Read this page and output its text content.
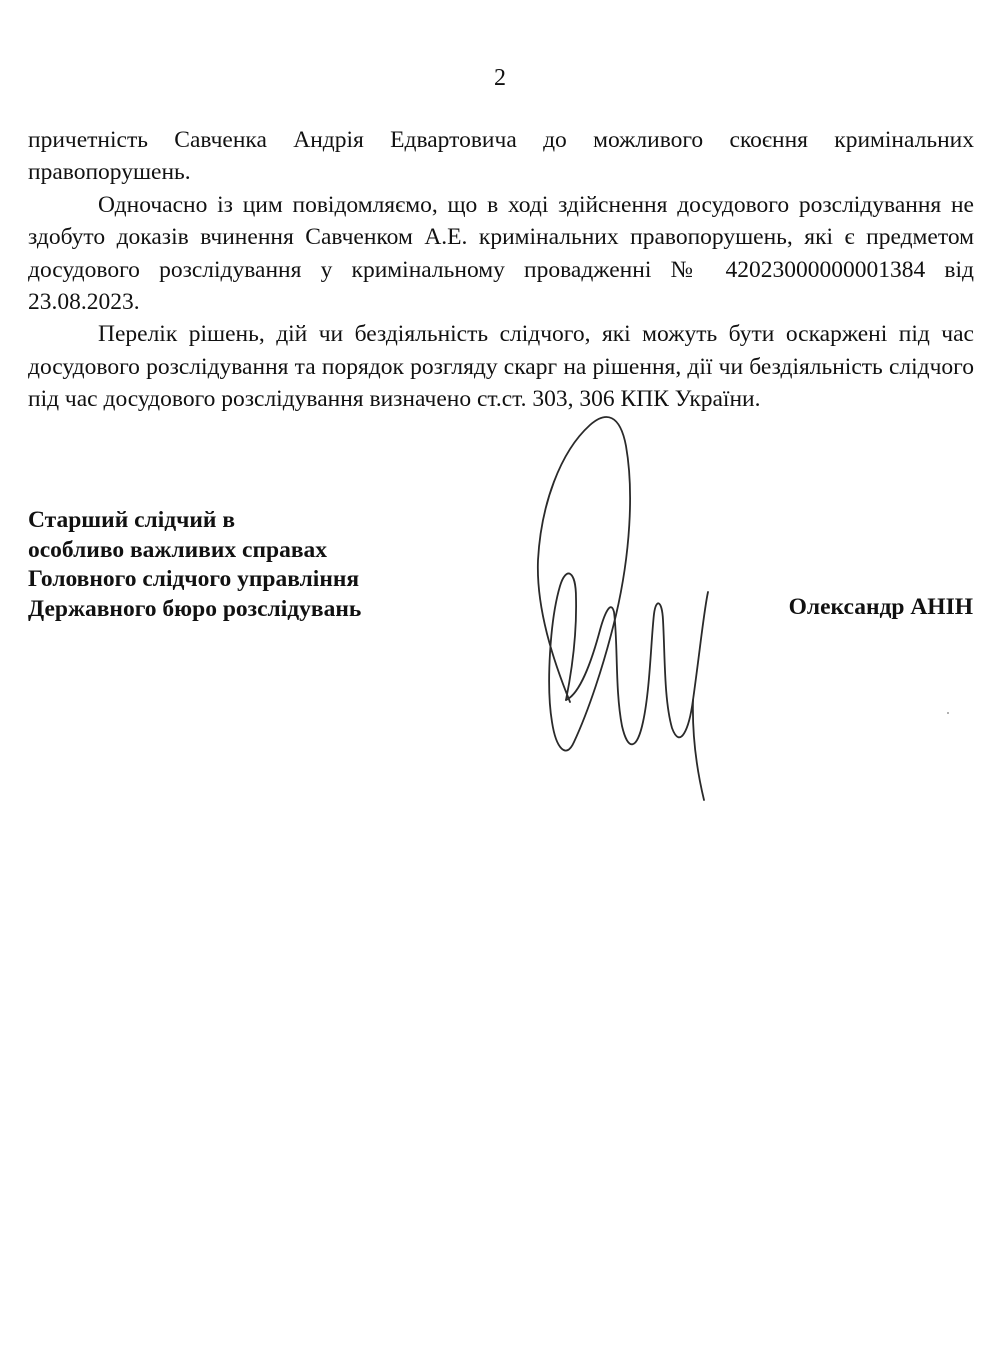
2

причетність Савченка Андрія Едвартовича до можливого скоєння кримінальних правопорушень.

Одночасно із цим повідомляємо, що в ході здійснення досудового розслідування не здобуто доказів вчинення Савченком А.Е. кримінальних правопорушень, які є предметом досудового розслідування у кримінальному провадженні № 42023000000001384 від 23.08.2023.

Перелік рішень, дій чи бездіяльність слідчого, які можуть бути оскаржені під час досудового розслідування та порядок розгляду скарг на рішення, дії чи бездіяльність слідчого під час досудового розслідування визначено ст.ст. 303, 306 КПК України.

Старший слідчий в
особливо важливих справах
Головного слідчого управління
Державного бюро розслідувань	Олександр АНІН
